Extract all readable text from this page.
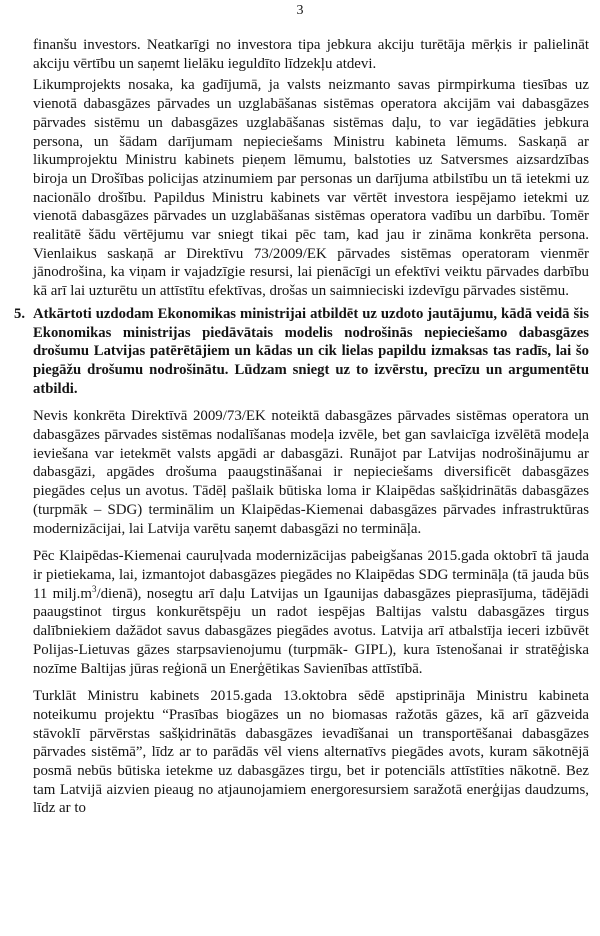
3

finanšu investors. Neatkarīgi no investora tipa jebkura akciju turētāja mērķis ir palielināt akciju vērtību un saņemt lielāku ieguldīto līdzekļu atdevi.

Likumprojekts nosaka, ka gadījumā, ja valsts neizmanto savas pirmpirkuma tiesības uz vienotā dabasgāzes pārvades un uzglabāšanas sistēmas operatora akcijām vai dabasgāzes pārvades sistēmu un dabasgāzes uzglabāšanas sistēmas daļu, to var iegādāties jebkura persona, un šādam darījumam nepieciešams Ministru kabineta lēmums. Saskaņā ar likumprojektu Ministru kabinets pieņem lēmumu, balstoties uz Satversmes aizsardzības biroja un Drošības policijas atzinumiem par personas un darījuma atbilstību un tā ietekmi uz nacionālo drošību. Papildus Ministru kabinets var vērtēt investora iespējamo ietekmi uz vienotā dabasgāzes pārvades un uzglabāšanas sistēmas operatora vadību un darbību. Tomēr realitātē šādu vērtējumu var sniegt tikai pēc tam, kad jau ir zināma konkrēta persona. Vienlaikus saskaņā ar Direktīvu 73/2009/EK pārvades sistēmas operatoram vienmēr jānodrošina, ka viņam ir vajadzīgie resursi, lai pienācīgi un efektīvi veiktu pārvades darbību kā arī lai uzturētu un attīstītu efektīvas, drošas un saimnieciski izdevīgu pārvades sistēmu.

5. Atkārtoti uzdodam Ekonomikas ministrijai atbildēt uz uzdoto jautājumu, kādā veidā šis Ekonomikas ministrijas piedāvātais modelis nodrošinās nepieciešamo dabasgāzes drošumu Latvijas patērētājiem un kādas un cik lielas papildu izmaksas tas radīs, lai šo piegāžu drošumu nodrošinātu. Lūdzam sniegt uz to izvērstu, precīzu un argumentētu atbildi.

Nevis konkrēta Direktīvā 2009/73/EK noteiktā dabasgāzes pārvades sistēmas operatora un dabasgāzes pārvades sistēmas nodalīšanas modeļa izvēle, bet gan savlaicīga izvēlētā modeļa ieviešana var ietekmēt valsts apgādi ar dabasgāzi. Runājot par Latvijas nodrošinājumu ar dabasgāzi, apgādes drošuma paaugstināšanai ir nepieciešams diversificēt dabasgāzes piegādes ceļus un avotus. Tādēļ pašlaik būtiska loma ir Klaipēdas sašķidrinātās dabasgāzes (turpmāk – SDG) terminālim un Klaipēdas-Kiemenai dabasgāzes pārvades infrastruktūras modernizācijai, lai Latvija varētu saņemt dabasgāzi no termināļa.

Pēc Klaipēdas-Kiemenai cauruļvada modernizācijas pabeigšanas 2015.gada oktobrī tā jauda ir pietiekama, lai, izmantojot dabasgāzes piegādes no Klaipēdas SDG termināļa (tā jauda būs 11 $milj.m^3/dienā$), nosegtu arī daļu Latvijas un Igaunijas dabasgāzes pieprasījuma, tādējādi paaugstinot tirgus konkurētspēju un radot iespējas Baltijas valstu dabasgāzes tirgus dalībniekiem dažādot savus dabasgāzes piegādes avotus. Latvija arī atbalstīja ieceri izbūvēt Polijas-Lietuvas gāzes starpsavienojumu (turpmāk- GIPL), kura īstenošanai ir stratēģiska nozīme Baltijas jūras reģionā un Enerģētikas Savienības attīstībā.

Turklāt Ministru kabinets 2015.gada 13.oktobra sēdē apstiprināja Ministru kabineta noteikumu projektu “Prasības biogāzes un no biomasas ražotās gāzes, kā arī gāzveida stāvoklī pārvērstas sašķidrinātās dabasgāzes ievadīšanai un transportēšanai dabasgāzes pārvades sistēmā”, līdz ar to parādās vēl viens alternatīvs piegādes avots, kuram sākotnējā posmā nebūs būtiska ietekme uz dabasgāzes tirgu, bet ir potenciāls attīstīties nākotnē. Bez tam Latvijā aizvien pieaug no atjaunojamiem energoresursiem saražotā enerģijas daudzums, līdz ar to
